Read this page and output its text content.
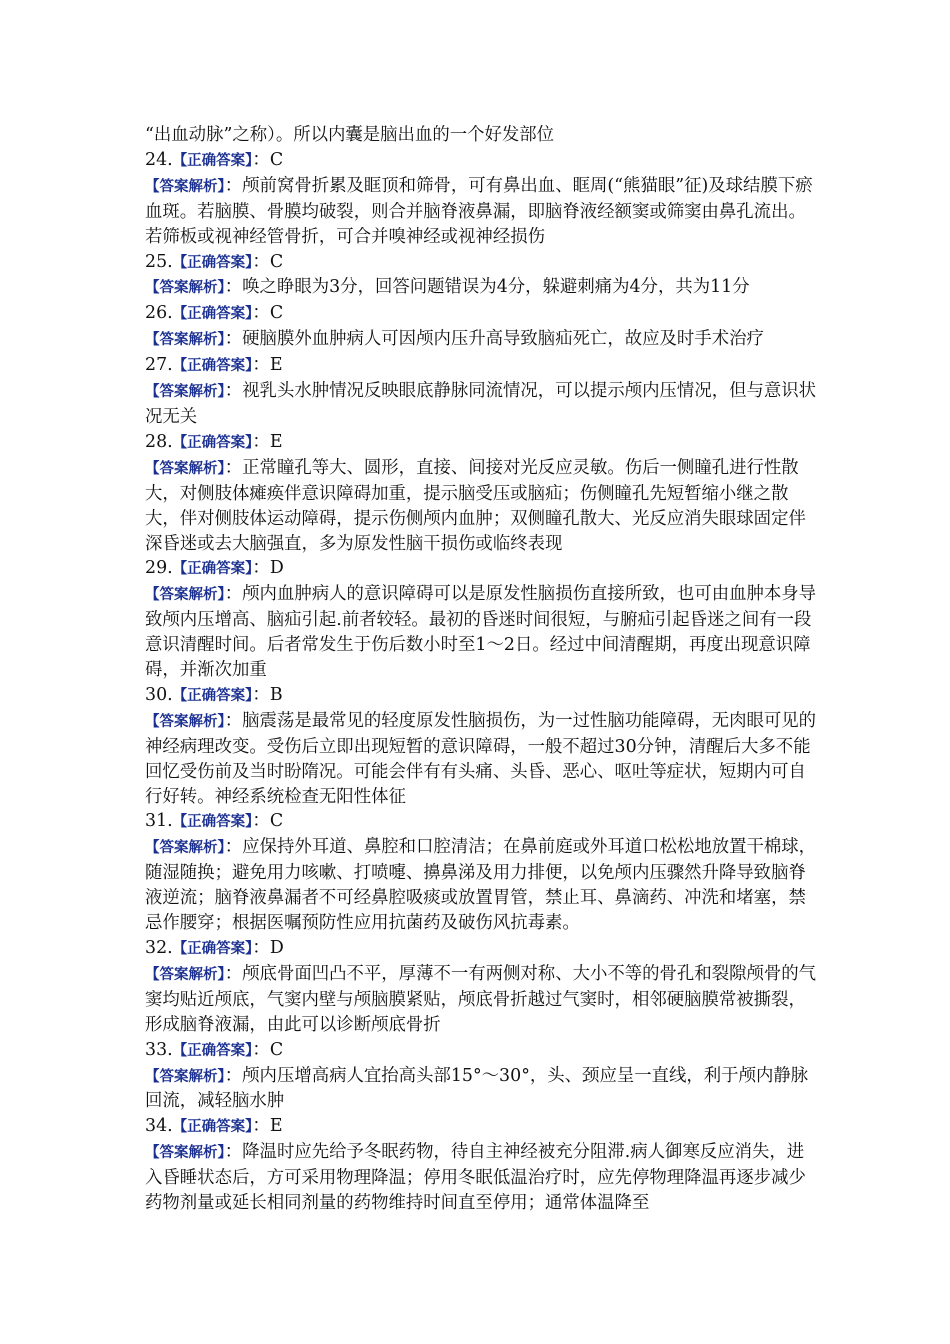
“出血动脉”之称）。所以内囊是脑出血的一个好发部位

24.【正确答案】：C

【答案解析】：颅前窝骨折累及眶顶和筛骨，可有鼻出血、眶周(“熊猫眼”征)及球结膜下瘀血斑。若脑膜、骨膜均破裂，则合并脑脊液鼻漏，即脑脊液经额窦或筛窦由鼻孔流出。若筛板或视神经管骨折，可合并嗅神经或视神经损伤

25.【正确答案】：C

【答案解析】：唤之睁眼为3分，回答问题错误为4分，躲避刺痛为4分，共为11分

26.【正确答案】：C

【答案解析】：硬脑膜外血肿病人可因颅内压升高导致脑疝死亡，故应及时手术治疗

27.【正确答案】：E

【答案解析】：视乳头水肿情况反映眼底静脉同流情况，可以提示颅内压情况，但与意识状况无关

28.【正确答案】：E

【答案解析】：正常瞳孔等大、圆形，直接、间接对光反应灵敏。伤后一侧瞳孔进行性散大，对侧肢体瘫痪伴意识障碍加重，提示脑受压或脑疝；伤侧瞳孔先短暂缩小继之散大，伴对侧肢体运动障碍，提示伤侧颅内血肿；双侧瞳孔散大、光反应消失眼球固定伴深昏迷或去大脑强直，多为原发性脑干损伤或临终表现

29.【正确答案】：D

【答案解析】：颅内血肿病人的意识障碍可以是原发性脑损伤直接所致，也可由血肿本身导致颅内压增高、脑疝引起.前者较轻。最初的昏迷时间很短，与腑疝引起昏迷之间有一段意识清醒时间。后者常发生于伤后数小时至1～2日。经过中间清醒期，再度出现意识障碍，并渐次加重

30.【正确答案】：B

【答案解析】：脑震荡是最常见的轻度原发性脑损伤，为一过性脑功能障碍，无肉眼可见的神经病理改变。受伤后立即出现短暂的意识障碍，一般不超过30分钟，清醒后大多不能回忆受伤前及当时盼隋况。可能会伴有有头痛、头昏、恶心、呕吐等症状，短期内可自行好转。神经系统检查无阳性体征

31.【正确答案】：C

【答案解析】：应保持外耳道、鼻腔和口腔清洁；在鼻前庭或外耳道口松松地放置干棉球，随湿随换；避免用力咳嗽、打喷嚏、擤鼻涕及用力排便，以免颅内压骤然升降导致脑脊液逆流；脑脊液鼻漏者不可经鼻腔吸痰或放置胃管，禁止耳、鼻滴药、冲洗和堵塞，禁忌作腰穿；根据医嘱预防性应用抗菌药及破伤风抗毒素。

32.【正确答案】：D

【答案解析】：颅底骨面凹凸不平，厚薄不一有两侧对称、大小不等的骨孔和裂隙颅骨的气窦均贴近颅底，气窦内壁与颅脑膜紧贴，颅底骨折越过气窦时，相邻硬脑膜常被撕裂，形成脑脊液漏，由此可以诊断颅底骨折

33.【正确答案】：C

【答案解析】：颅内压增高病人宜抬高头部15°～30°，头、颈应呈一直线，利于颅内静脉回流，减轻脑水肿

34.【正确答案】：E

【答案解析】：降温时应先给予冬眠药物，待自主神经被充分阻滞.病人御寒反应消失，进入昏睡状态后，方可采用物理降温；停用冬眠低温治疗时，应先停物理降温再逐步减少药物剂量或延长相同剂量的药物维持时间直至停用；通常体温降至
